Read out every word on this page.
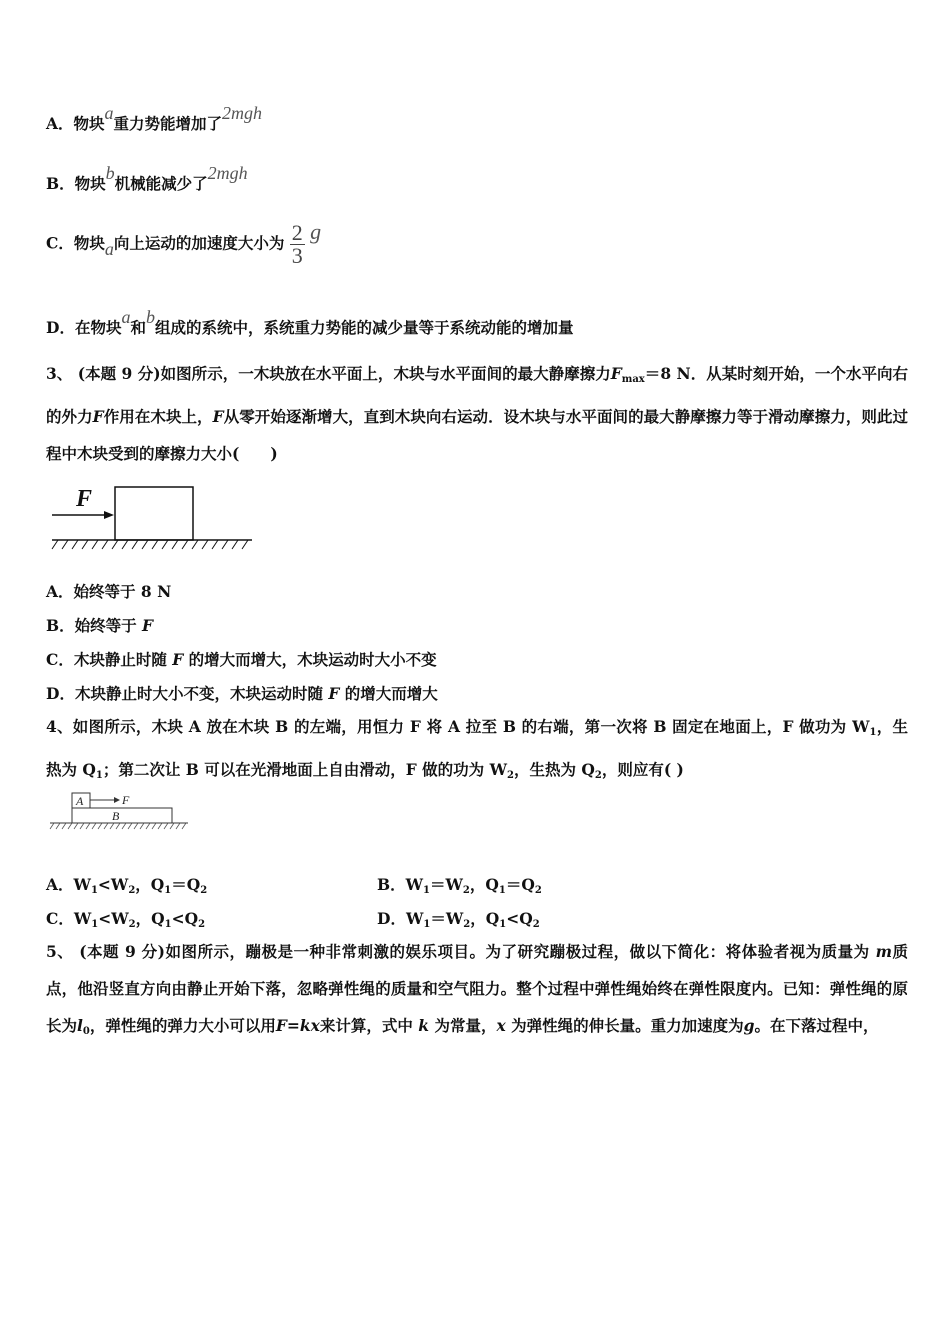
A．物块a重力势能增加了2mgh
B．物块b机械能减少了2mgh
C．物块a向上运动的加速度大小为 $\frac{2}{3}$ g
D．在物块a和b组成的系统中，系统重力势能的减少量等于系统动能的增加量
3、 (本题 9 分)如图所示，一木块放在水平面上，木块与水平面间的最大静摩擦力$F_{max}=8$ N．从某时刻开始，一个水平向右的外力F作用在木块上，F从零开始逐渐增大，直到木块向右运动．设木块与水平面间的最大静摩擦力等于滑动摩擦力，则此过程中木块受到的摩擦力大小(　　)
F
A．始终等于 8 N
B．始终等于 F
C．木块静止时随 F 的增大而增大，木块运动时大小不变
D．木块静止时大小不变，木块运动时随 F 的增大而增大
4、如图所示，木块 A 放在木块 B 的左端，用恒力 F 将 A 拉至 B 的右端，第一次将 B 固定在地面上，F 做功为 $W_1$，生热为 $Q_1$；第二次让 B 可以在光滑地面上自由滑动，F 做的功为 $W_2$，生热为 $Q_2$，则应有( )
A	F
B
A．$W_1<W_2$，$Q_1=Q_2$	B．$W_1=W_2$，$Q_1=Q_2$
C．$W_1<W_2$，$Q_1<Q_2$	D．$W_1=W_2$，$Q_1<Q_2$
5、 (本题 9 分)如图所示，蹦极是一种非常刺激的娱乐项目。为了研究蹦极过程，做以下简化：将体验者视为质量为 m质点，他沿竖直方向由静止开始下落，忽略弹性绳的质量和空气阻力。整个过程中弹性绳始终在弹性限度内。已知：弹性绳的原长为$l_0$，弹性绳的弹力大小可以用F=kx来计算，式中 k 为常量，x 为弹性绳的伸长量。重力加速度为g。在下落过程中，
